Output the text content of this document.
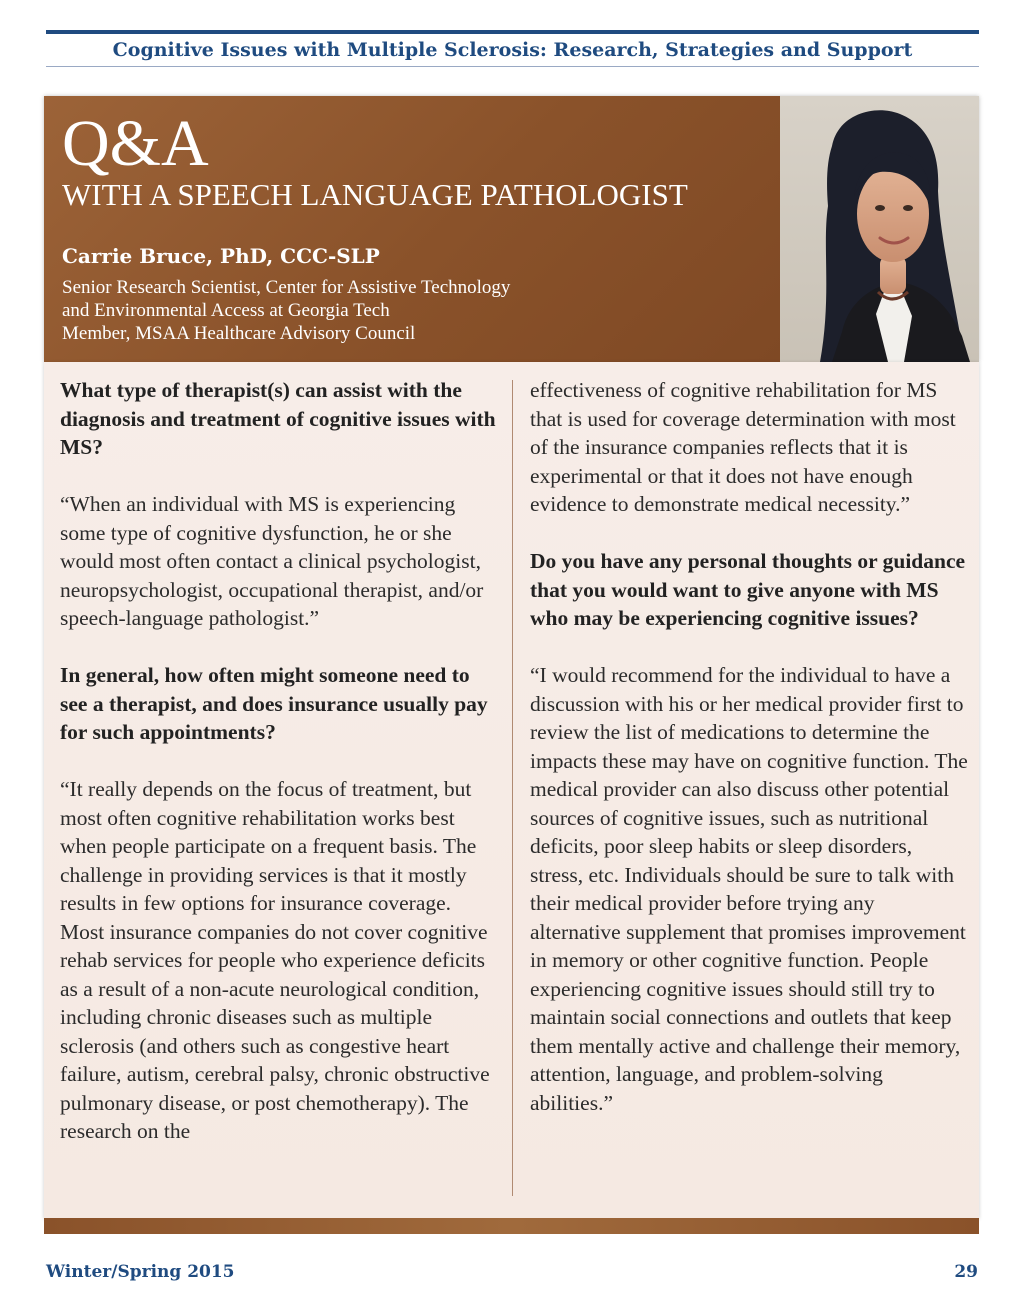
Cognitive Issues with Multiple Sclerosis: Research, Strategies and Support
Q&A
WITH A SPEECH LANGUAGE PATHOLOGIST
Carrie Bruce, PhD, CCC-SLP
Senior Research Scientist, Center for Assistive Technology
and Environmental Access at Georgia Tech
Member, MSAA Healthcare Advisory Council

What type of therapist(s) can assist with the diagnosis and treatment of cognitive issues with MS?

“When an individual with MS is experiencing some type of cognitive dysfunction, he or she would most often contact a clinical psychologist, neuropsychologist, occupational therapist, and/or speech-language pathologist.”

In general, how often might someone need to see a therapist, and does insurance usually pay for such appointments?

“It really depends on the focus of treatment, but most often cognitive rehabilitation works best when people participate on a frequent basis. The challenge in providing services is that it mostly results in few options for insurance coverage. Most insurance companies do not cover cognitive rehab services for people who experience deficits as a result of a non-acute neurological condition, including chronic diseases such as multiple sclerosis (and others such as congestive heart failure, autism, cerebral palsy, chronic obstructive pulmonary disease, or post chemotherapy). The research on the

effectiveness of cognitive rehabilitation for MS that is used for coverage determination with most of the insurance companies reflects that it is experimental or that it does not have enough evidence to demonstrate medical necessity.”

Do you have any personal thoughts or guidance that you would want to give anyone with MS who may be experiencing cognitive issues?

“I would recommend for the individual to have a discussion with his or her medical provider first to review the list of medications to determine the impacts these may have on cognitive function. The medical provider can also discuss other potential sources of cognitive issues, such as nutritional deficits, poor sleep habits or sleep disorders, stress, etc. Individuals should be sure to talk with their medical provider before trying any alternative supplement that promises improvement in memory or other cognitive function. People experiencing cognitive issues should still try to maintain social connections and outlets that keep them mentally active and challenge their memory, attention, language, and problem-solving abilities.”

Winter/Spring 2015	29
